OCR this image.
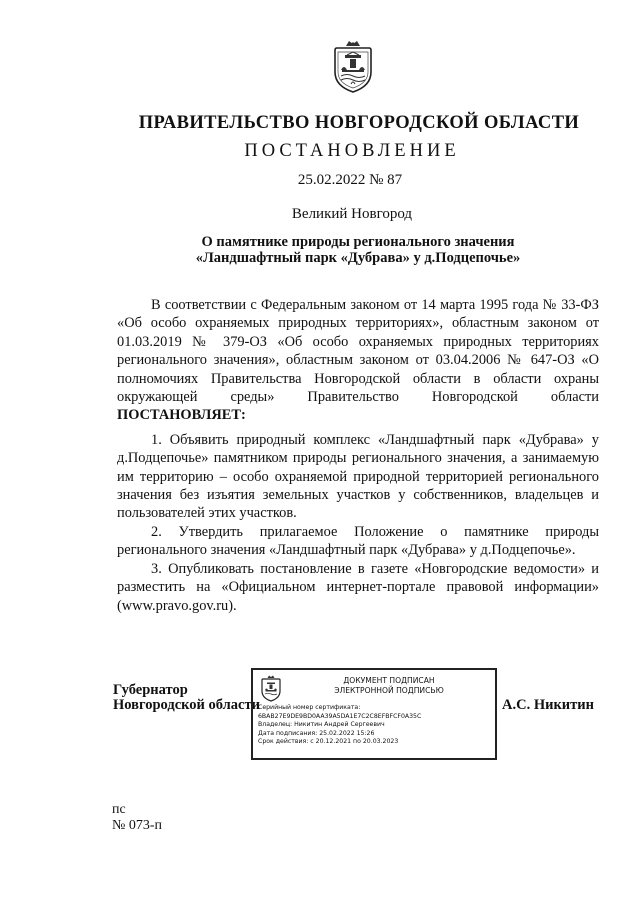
ПРАВИТЕЛЬСТВО НОВГОРОДСКОЙ ОБЛАСТИ
ПОСТАНОВЛЕНИЕ
25.02.2022 № 87
Великий Новгород
О памятнике природы регионального значения
«Ландшафтный парк «Дубрава» у д.Подцепочье»

В соответствии с Федеральным законом от 14 марта 1995 года № 33-ФЗ «Об особо охраняемых природных территориях», областным законом от 01.03.2019 № 379-ОЗ «Об особо охраняемых природных территориях регионального значения», областным законом от 03.04.2006 № 647-ОЗ «О полномочиях Правительства Новгородской области в области охраны окружающей среды» Правительство Новгородской области ПОСТАНОВЛЯЕТ:

1. Объявить природный комплекс «Ландшафтный парк «Дубрава» у д.Подцепочье» памятником природы регионального значения, а занимаемую им территорию – особо охраняемой природной территорией регионального значения без изъятия земельных участков у собственников, владельцев и пользователей этих участков.

2. Утвердить прилагаемое Положение о памятнике природы регионального значения «Ландшафтный парк «Дубрава» у д.Подцепочье».

3. Опубликовать постановление в газете «Новгородские ведомости» и разместить на «Официальном интернет-портале правовой информации» (www.pravo.gov.ru).

Губернатор
Новгородской области
ДОКУМЕНТ ПОДПИСАН
ЭЛЕКТРОННОЙ ПОДПИСЬЮ
Серийный номер сертификата:
6BAB27E9DE9BD0AA39A5DA1E7C2C8EFBFCF0A35C
Владелец: Никитин Андрей Сергеевич
Дата подписания: 25.02.2022 15:26
Срок действия: с 20.12.2021 по 20.03.2023
А.С. Никитин
пс
№ 073-п
